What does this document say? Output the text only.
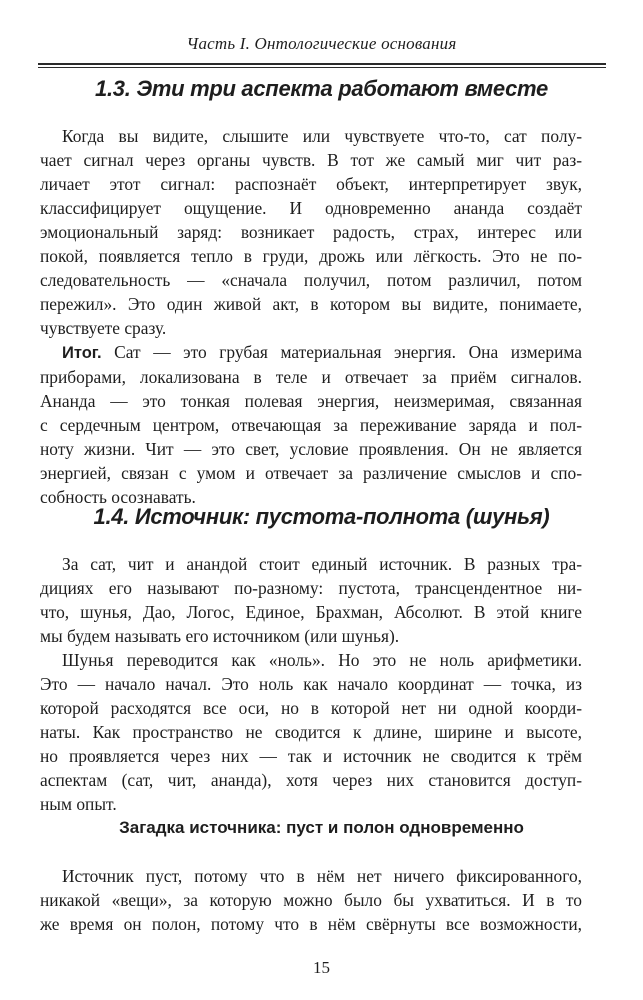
Часть I. Онтологические основания
1.3. Эти три аспекта работают вместе

Когда вы видите, слышите или чувствуете что-то, сат полу-

чает сигнал через органы чувств. В тот же самый миг чит раз-

личает этот сигнал: распознаёт объект, интерпретирует звук,

классифицирует ощущение. И одновременно ананда создаёт

эмоциональный заряд: возникает радость, страх, интерес или

покой, появляется тепло в груди, дрожь или лёгкость. Это не по-

следовательность — «сначала получил, потом различил, потом

пережил». Это один живой акт, в котором вы видите, понимаете,

чувствуете сразу.

Итог. Сат — это грубая материальная энергия. Она измерима

приборами, локализована в теле и отвечает за приём сигналов.

Ананда — это тонкая полевая энергия, неизмеримая, связанная

с сердечным центром, отвечающая за переживание заряда и пол-

ноту жизни. Чит — это свет, условие проявления. Он не является

энергией, связан с умом и отвечает за различение смыслов и спо-

собность осознавать.

1.4. Источник: пустота-полнота (шунья)

За сат, чит и анандой стоит единый источник. В разных тра-

дициях его называют по-разному: пустота, трансцендентное ни-

что, шунья, Дао, Логос, Единое, Брахман, Абсолют. В этой книге

мы будем называть его источником (или шунья).

Шунья переводится как «ноль». Но это не ноль арифметики.

Это — начало начал. Это ноль как начало координат — точка, из

которой расходятся все оси, но в которой нет ни одной коорди-

наты. Как пространство не сводится к длине, ширине и высоте,

но проявляется через них — так и источник не сводится к трём

аспектам (сат, чит, ананда), хотя через них становится доступ-

ным опыт.

Загадка источника: пуст и полон одновременно

Источник пуст, потому что в нём нет ничего фиксированного,

никакой «вещи», за которую можно было бы ухватиться. И в то

же время он полон, потому что в нём свёрнуты все возможности,

15
